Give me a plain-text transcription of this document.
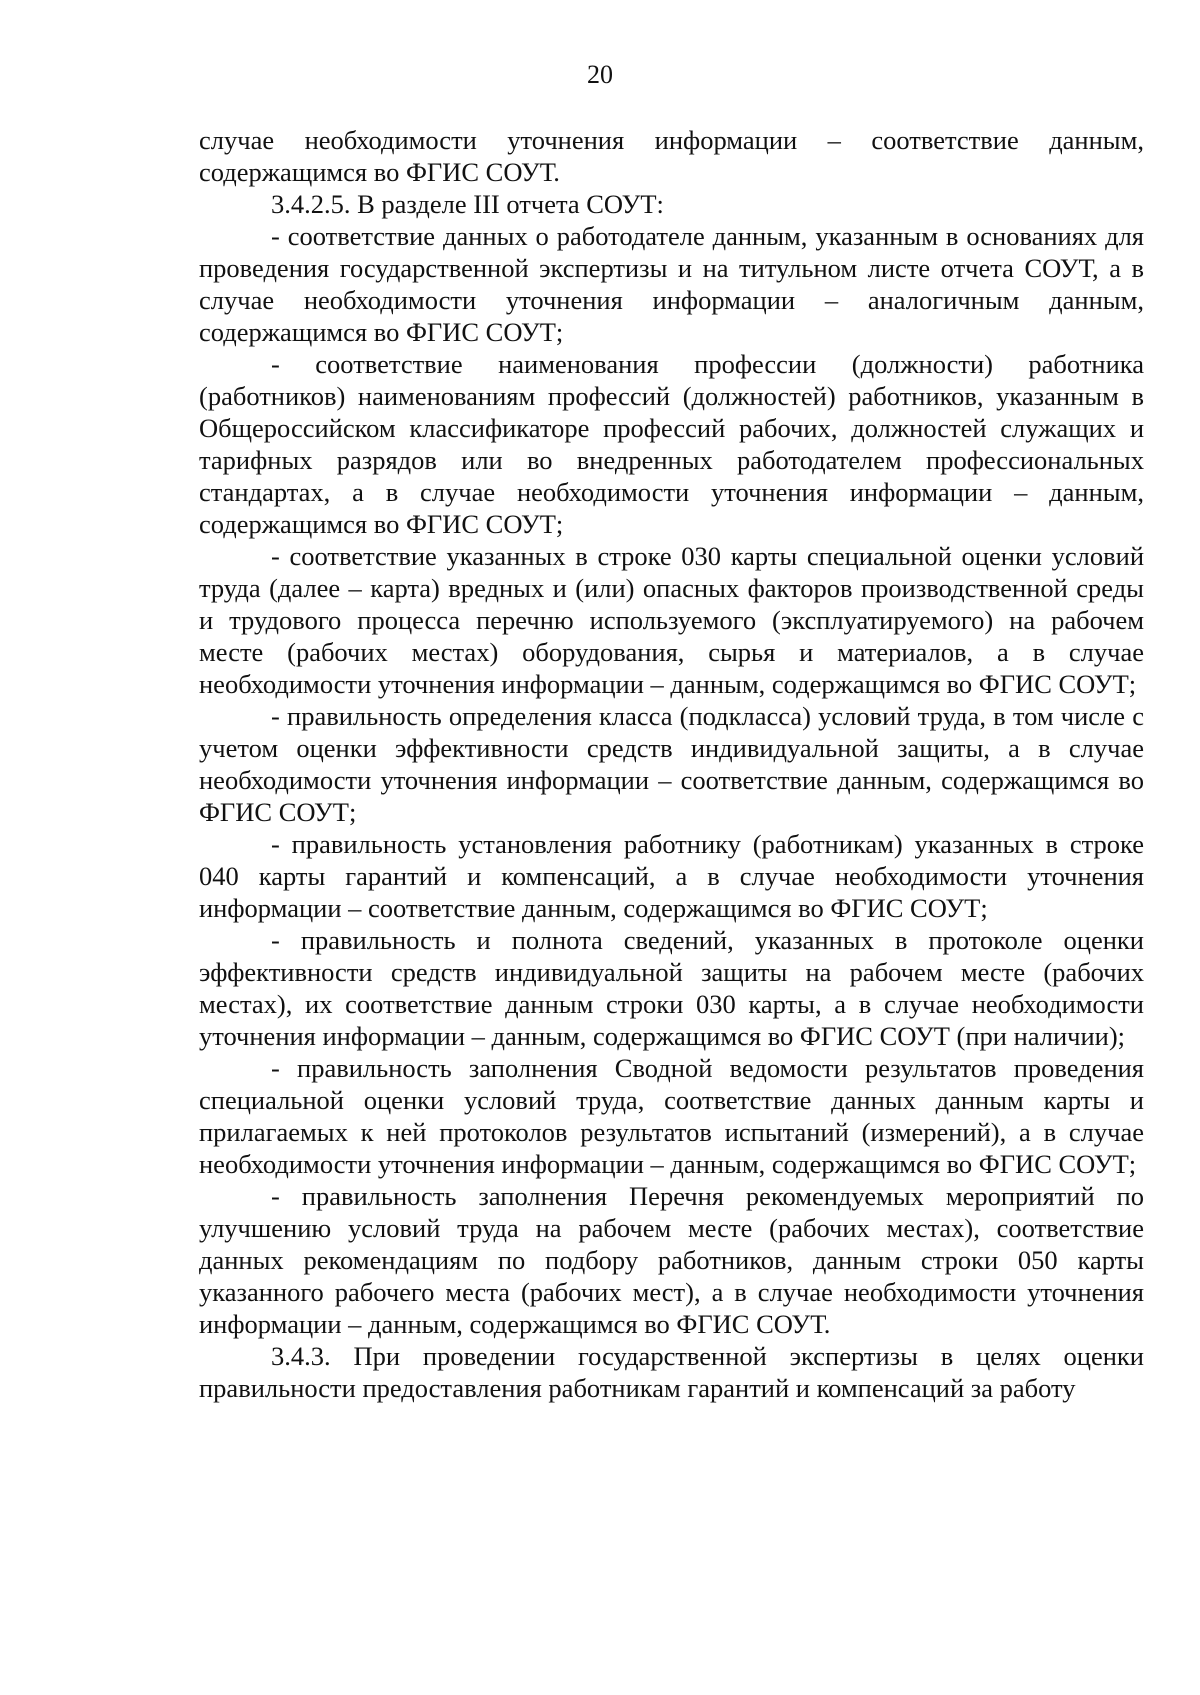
20

случае необходимости уточнения информации – соответствие данным, содержащимся во ФГИС СОУТ.

3.4.2.5. В разделе III отчета СОУТ:

- соответствие данных о работодателе данным, указанным в основаниях для проведения государственной экспертизы и на титульном листе отчета СОУТ, а в случае необходимости уточнения информации – аналогичным данным, содержащимся во ФГИС СОУТ;

- соответствие наименования профессии (должности) работника (работников) наименованиям профессий (должностей) работников, указанным в Общероссийском классификаторе профессий рабочих, должностей служащих и тарифных разрядов или во внедренных работодателем профессиональных стандартах, а в случае необходимости уточнения информации – данным, содержащимся во ФГИС СОУТ;

- соответствие указанных в строке 030 карты специальной оценки условий труда (далее – карта) вредных и (или) опасных факторов производственной среды и трудового процесса перечню используемого (эксплуатируемого) на рабочем месте (рабочих местах) оборудования, сырья и материалов, а в случае необходимости уточнения информации – данным, содержащимся во ФГИС СОУТ;

- правильность определения класса (подкласса) условий труда, в том числе с учетом оценки эффективности средств индивидуальной защиты, а в случае необходимости уточнения информации – соответствие данным, содержащимся во ФГИС СОУТ;

- правильность установления работнику (работникам) указанных в строке 040 карты гарантий и компенсаций, а в случае необходимости уточнения информации – соответствие данным, содержащимся во ФГИС СОУТ;

- правильность и полнота сведений, указанных в протоколе оценки эффективности средств индивидуальной защиты на рабочем месте (рабочих местах), их соответствие данным строки 030 карты, а в случае необходимости уточнения информации – данным, содержащимся во ФГИС СОУТ (при наличии);

- правильность заполнения Сводной ведомости результатов проведения специальной оценки условий труда, соответствие данных данным карты и прилагаемых к ней протоколов результатов испытаний (измерений), а в случае необходимости уточнения информации – данным, содержащимся во ФГИС СОУТ;

- правильность заполнения Перечня рекомендуемых мероприятий по улучшению условий труда на рабочем месте (рабочих местах), соответствие данных рекомендациям по подбору работников, данным строки 050 карты указанного рабочего места (рабочих мест), а в случае необходимости уточнения информации – данным, содержащимся во ФГИС СОУТ.

3.4.3. При проведении государственной экспертизы в целях оценки правильности предоставления работникам гарантий и компенсаций за работу
